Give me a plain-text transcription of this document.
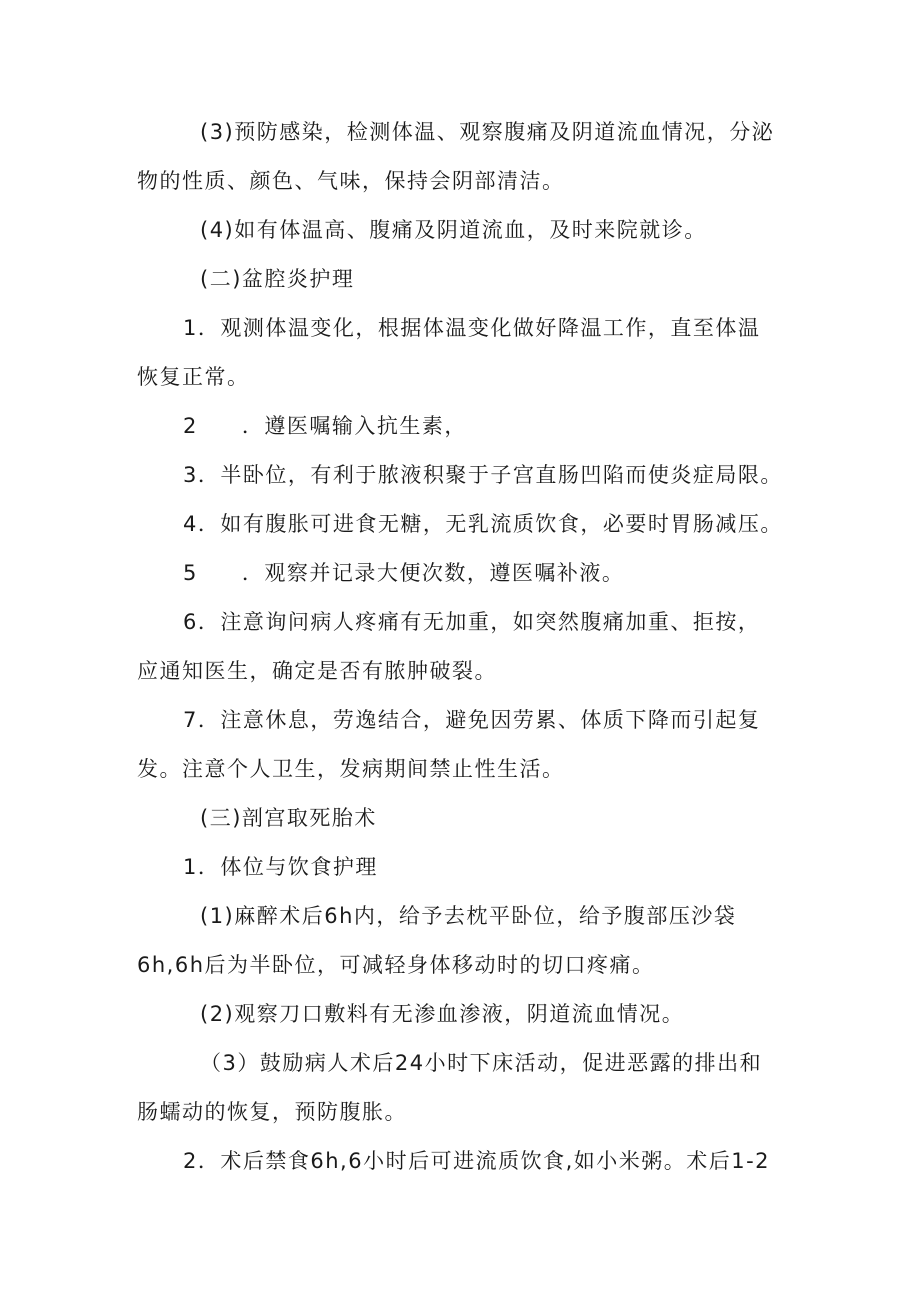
(3)预防感染，检测体温、观察腹痛及阴道流血情况，分泌
物的性质、颜色、气味，保持会阴部清洁。
(4)如有体温高、腹痛及阴道流血，及时来院就诊。
(二)盆腔炎护理
1．观测体温变化，根据体温变化做好降温工作，直至体温
恢复正常。
2 ．遵医嘱输入抗生素，
3．半卧位，有利于脓液积聚于子宫直肠凹陷而使炎症局限。
4．如有腹胀可进食无糖，无乳流质饮食，必要时胃肠减压。
5 ．观察并记录大便次数，遵医嘱补液。
6．注意询问病人疼痛有无加重，如突然腹痛加重、拒按，
应通知医生，确定是否有脓肿破裂。
7．注意休息，劳逸结合，避免因劳累、体质下降而引起复
发。注意个人卫生，发病期间禁止性生活。
(三)剖宫取死胎术
1．体位与饮食护理
(1)麻醉术后6h内，给予去枕平卧位，给予腹部压沙袋
6h,6h后为半卧位，可减轻身体移动时的切口疼痛。
(2)观察刀口敷料有无渗血渗液，阴道流血情况。
（3）鼓励病人术后24小时下床活动，促进恶露的排出和
肠蠕动的恢复，预防腹胀。
2．术后禁食6h,6小时后可进流质饮食,如小米粥。术后1-2
